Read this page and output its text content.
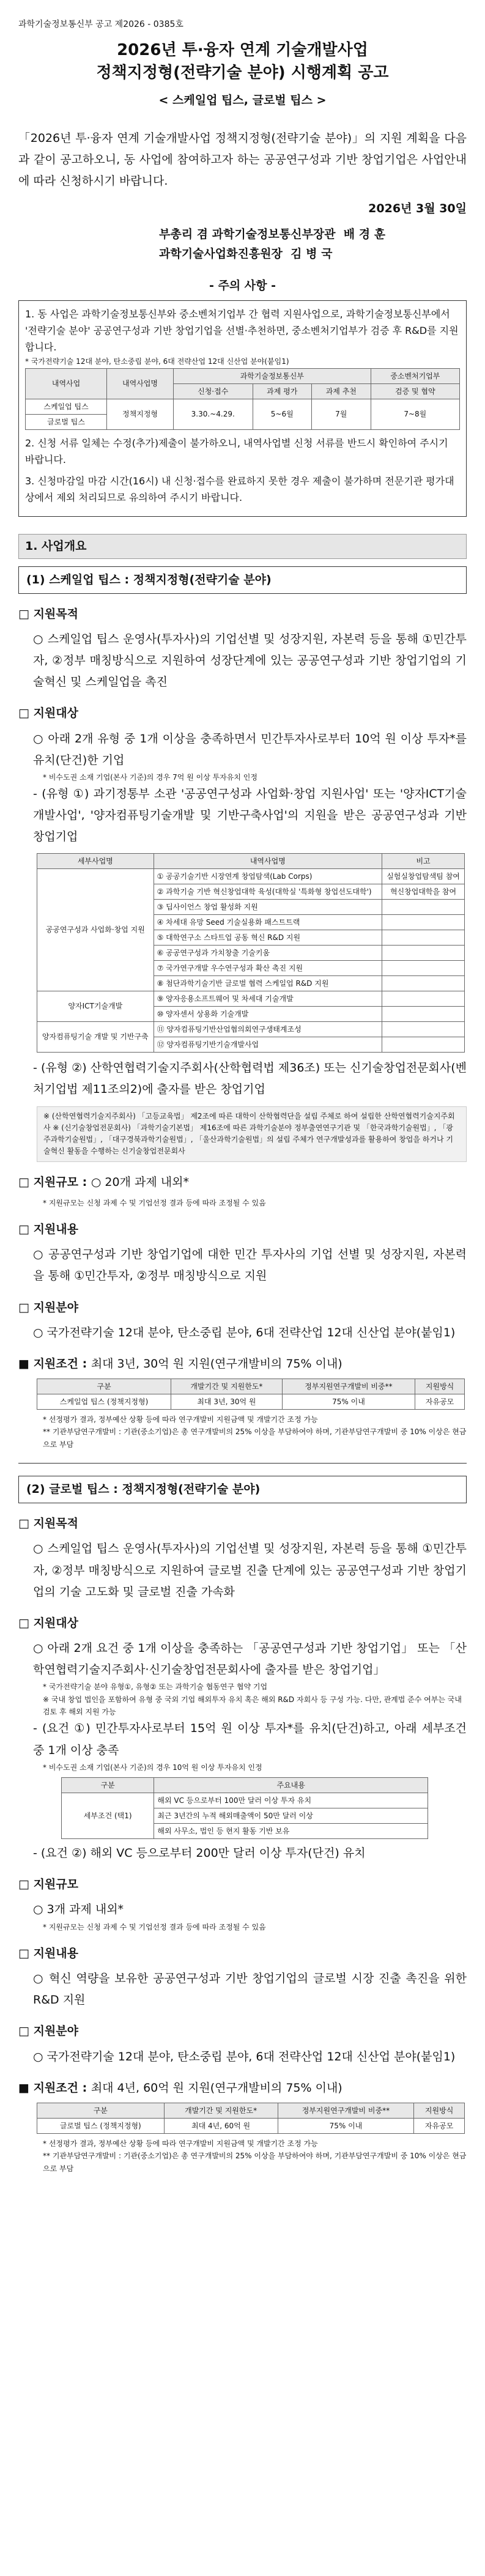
과학기술정보통신부 공고 제2026 - 0385호
2026년 투·융자 연계 기술개발사업
정책지정형(전략기술 분야) 시행계획 공고
< 스케일업 팁스, 글로벌 팁스 >
「2026년 투·융자 연계 기술개발사업 정책지정형(전략기술 분야)」의 지원 계획을 다음과 같이 공고하오니, 동 사업에 참여하고자 하는 공공연구성과 기반 창업기업은 사업안내에 따라 신청하시기 바랍니다.
2026년 3월 30일
부총리 겸 과학기술정보통신부장관 배 경 훈
과학기술사업화진흥원장 김 병 국
- 주의 사항 -
1. 동 사업은 과학기술정보통신부와 중소벤처기업부 간 협력 지원사업으로, 과학기술정보통신부에서 '전략기술 분야' 공공연구성과 기반 창업기업을 선별·추천하면, 중소벤처기업부가 검증 후 R&D를 지원합니다.
* 국가전략기술 12대 분야, 탄소중립 분야, 6대 전략산업 12대 신산업 분야(붙임1)
내역사업	내역사업명	과학기술정보통신부			중소벤처기업부
		신청·접수	과제 평가	과제 추천	검증 및 협약
스케일업 팁스	정책지정형	3.30.~4.29.	5~6월	7월	7~8월
글로벌 팁스					
2. 신청 서류 일체는 수정(추가)제출이 불가하오니, 내역사업별 신청 서류를 반드시 확인하여 주시기 바랍니다.
3. 신청마감일 마감 시간(16시) 내 신청·접수를 완료하지 못한 경우 제출이 불가하며 전문기관 평가대상에서 제외 처리되므로 유의하여 주시기 바랍니다.
1. 사업개요
(1) 스케일업 팁스 : 정책지정형(전략기술 분야)
□ 지원목적
○ 스케일업 팁스 운영사(투자사)의 기업선별 및 성장지원, 자본력 등을 통해 ①민간투자, ②정부 매칭방식으로 지원하여 성장단계에 있는 공공연구성과 기반 창업기업의 기술혁신 및 스케일업을 촉진
□ 지원대상
○ 아래 2개 유형 중 1개 이상을 충족하면서 민간투자사로부터 10억 원 이상 투자*를 유치(단건)한 기업
* 비수도권 소재 기업(본사 기준)의 경우 7억 원 이상 투자유치 인정
- (유형 ①) 과기정통부 소관 '공공연구성과 사업화·창업 지원사업' 또는 '양자ICT기술개발사업', '양자컴퓨팅기술개발 및 기반구축사업'의 지원을 받은 공공연구성과 기반 창업기업
세부사업명	내역사업명	비고
공공연구성과 사업화·창업 지원	① 공공기술기반 시장연계 창업탐색(Lab Corps)	실험실창업탐색팀 참여
	② 과학기술 기반 혁신창업대학 육성(대학실 '특화형 창업선도대학')	혁신창업대학을 참여
	③ 딥사이언스 창업 활성화 지원	
	④ 차세대 유망 Seed 기술실용화 패스트트랙	
	⑤ 대학연구소 스타트업 공동 혁신 R&D 지원	
	⑥ 공공연구성과 가치창출 기술키움	
	⑦ 국가연구개발 우수연구성과 확산 촉진 지원	
	⑧ 첨단과학기술기반 글로벌 협력 스케일업 R&D 지원	
양자ICT기술개발	⑨ 양자응용소프트웨어 및 차세대 기술개발	
	⑩ 양자센서 상용화 기술개발	
양자컴퓨팅기술 개발 및 기반구축	⑪ 양자컴퓨팅기반산업협의회연구생태계조성	
	⑫ 양자컴퓨팅기반기술개발사업	
- (유형 ②) 산학연협력기술지주회사(산학협력법 제36조) 또는 신기술창업전문회사(벤처기업법 제11조의2)에 출자를 받은 창업기업
※ (산학연협력기술지주회사) 「고등교육법」 제2조에 따른 대학이 산학협력단을 설립 주체로 하여 설립한 산학연협력기술지주회사 ※ (신기술창업전문회사) 「과학기술기본법」 제16조에 따른 과학기술분야 정부출연연구기관 및 「한국과학기술원법」, 「광주과학기술원법」, 「대구경북과학기술원법」, 「울산과학기술원법」의 설립 주체가 연구개발성과를 활용하여 창업을 하거나 기술혁신 활동을 수행하는 신기술창업전문회사
□ 지원규모 : ○ 20개 과제 내외*
* 지원규모는 신청 과제 수 및 기업선정 결과 등에 따라 조정될 수 있음
□ 지원내용
○ 공공연구성과 기반 창업기업에 대한 민간 투자사의 기업 선별 및 성장지원, 자본력을 통해 ①민간투자, ②정부 매칭방식으로 지원
□ 지원분야
○ 국가전략기술 12대 분야, 탄소중립 분야, 6대 전략산업 12대 신산업 분야(붙임1)
■ 지원조건 : 최대 3년, 30억 원 지원(연구개발비의 75% 이내)
구분	개발기간 및 지원한도*	정부지원연구개발비 비중**	지원방식
스케일업 팁스 (정책지정형)	최대 3년, 30억 원	75% 이내	자유공모
* 선정평가 결과, 정부예산 상황 등에 따라 연구개발비 지원금액 및 개발기간 조정 가능
** 기관부담연구개발비 : 기관(중소기업)은 총 연구개발비의 25% 이상을 부담하여야 하며, 기관부담연구개발비 중 10% 이상은 현금으로 부담
(2) 글로벌 팁스 : 정책지정형(전략기술 분야)
□ 지원목적
○ 스케일업 팁스 운영사(투자사)의 기업선별 및 성장지원, 자본력 등을 통해 ①민간투자, ②정부 매칭방식으로 지원하여 글로벌 진출 단계에 있는 공공연구성과 기반 창업기업의 기술 고도화 및 글로벌 진출 가속화
□ 지원대상
○ 아래 2개 요건 중 1개 이상을 충족하는 「공공연구성과 기반 창업기업」 또는 「산학연협력기술지주회사·신기술창업전문회사에 출자를 받은 창업기업」
* 국가전략기술 분야 유형①, 유형② 또는 과학기술 협동연구 협약 기업
※ 국내 창업 법인을 포함하여 유형 중 국외 기업 해외투자 유치 혹은 해외 R&D 자회사 등 구성 가능. 다만, 관계법 준수 여부는 국내 검토 후 해외 지원 가능
- (요건 ①) 민간투자사로부터 15억 원 이상 투자*를 유치(단건)하고, 아래 세부조건 중 1개 이상 충족
* 비수도권 소재 기업(본사 기준)의 경우 10억 원 이상 투자유치 인정
구분	주요내용
세부조건 (택1)	해외 VC 등으로부터 100만 달러 이상 투자 유치
	최근 3년간의 누적 해외매출액이 50만 달러 이상
	해외 사무소, 법인 등 현지 활동 기반 보유
- (요건 ②) 해외 VC 등으로부터 200만 달러 이상 투자(단건) 유치
□ 지원규모
○ 3개 과제 내외*
* 지원규모는 신청 과제 수 및 기업선정 결과 등에 따라 조정될 수 있음
□ 지원내용
○ 혁신 역량을 보유한 공공연구성과 기반 창업기업의 글로벌 시장 진출 촉진을 위한 R&D 지원
□ 지원분야
○ 국가전략기술 12대 분야, 탄소중립 분야, 6대 전략산업 12대 신산업 분야(붙임1)
■ 지원조건 : 최대 4년, 60억 원 지원(연구개발비의 75% 이내)
구분	개발기간 및 지원한도*	정부지원연구개발비 비중**	지원방식
글로벌 팁스 (정책지정형)	최대 4년, 60억 원	75% 이내	자유공모
* 선정평가 결과, 정부예산 상황 등에 따라 연구개발비 지원금액 및 개발기간 조정 가능
** 기관부담연구개발비 : 기관(중소기업)은 총 연구개발비의 25% 이상을 부담하여야 하며, 기관부담연구개발비 중 10% 이상은 현금으로 부담
